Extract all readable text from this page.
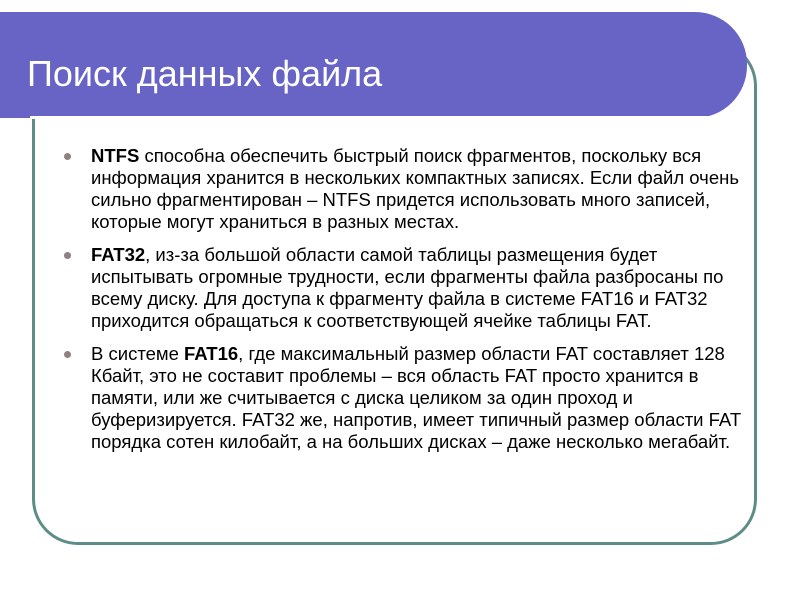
Поиск данных файла
NTFS способна обеспечить быстрый поиск фрагментов, поскольку вся информация хранится в нескольких компактных записях. Если файл очень сильно фрагментирован – NTFS придется использовать много записей, которые могут храниться в разных местах.
FAT32, из-за большой области самой таблицы размещения будет испытывать огромные трудности, если фрагменты файла разбросаны по всему диску. Для доступа к фрагменту файла в системе FAT16 и FAT32 приходится обращаться к соответствующей ячейке таблицы FAT.
В системе FAT16, где максимальный размер области FAT составляет 128 Кбайт, это не составит проблемы – вся область FAT просто хранится в памяти, или же считывается с диска целиком за один проход и буферизируется. FAT32 же, напротив, имеет типичный размер области FAT порядка сотен килобайт, а на больших дисках – даже несколько мегабайт.
